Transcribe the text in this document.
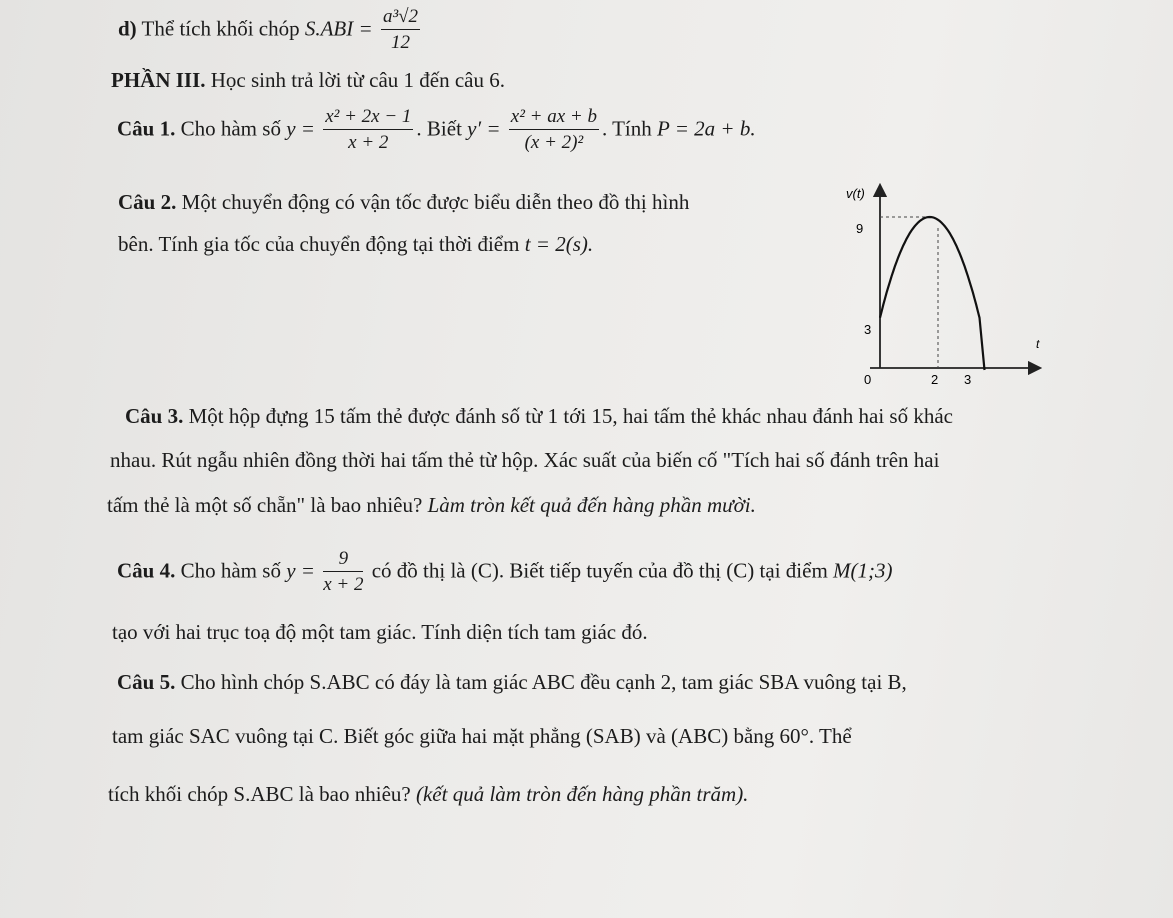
d) Thể tích khối chóp $S.ABI = \frac{\text{a³√2}}{12}$
PHẦN III. Học sinh trả lời từ câu 1 đến câu 6.
Câu 1. Cho hàm số $y = \frac{\text{x² + 2x − 1}}{x + 2}$ . Biết $y' = \frac{\text{x² + ax + b}}{\text{(x + 2)²}}$ . Tính P = 2a + b.
Câu 2. Một chuyển động có vận tốc được biểu diễn theo đồ thị hình
bên. Tính gia tốc của chuyển động tại thời điểm t = 2(s).
v(t)
t
9
3
0	2 3
Câu 3. Một hộp đựng 15 tấm thẻ được đánh số từ 1 tới 15, hai tấm thẻ khác nhau đánh hai số khác
nhau. Rút ngẫu nhiên đồng thời hai tấm thẻ từ hộp. Xác suất của biến cố "Tích hai số đánh trên hai
tấm thẻ là một số chẵn" là bao nhiêu? Làm tròn kết quả đến hàng phần mười.
Câu 4. Cho hàm số $y = \frac{9}{x + 2}$ có đồ thị là (C). Biết tiếp tuyến của đồ thị (C) tại điểm M(1;3)
tạo với hai trục toạ độ một tam giác. Tính diện tích tam giác đó.
Câu 5. Cho hình chóp S.ABC có đáy là tam giác ABC đều cạnh 2, tam giác SBA vuông tại B,
tam giác SAC vuông tại C. Biết góc giữa hai mặt phẳng (SAB) và (ABC) bằng 60°. Thể
tích khối chóp S.ABC là bao nhiêu? (kết quả làm tròn đến hàng phần trăm).
